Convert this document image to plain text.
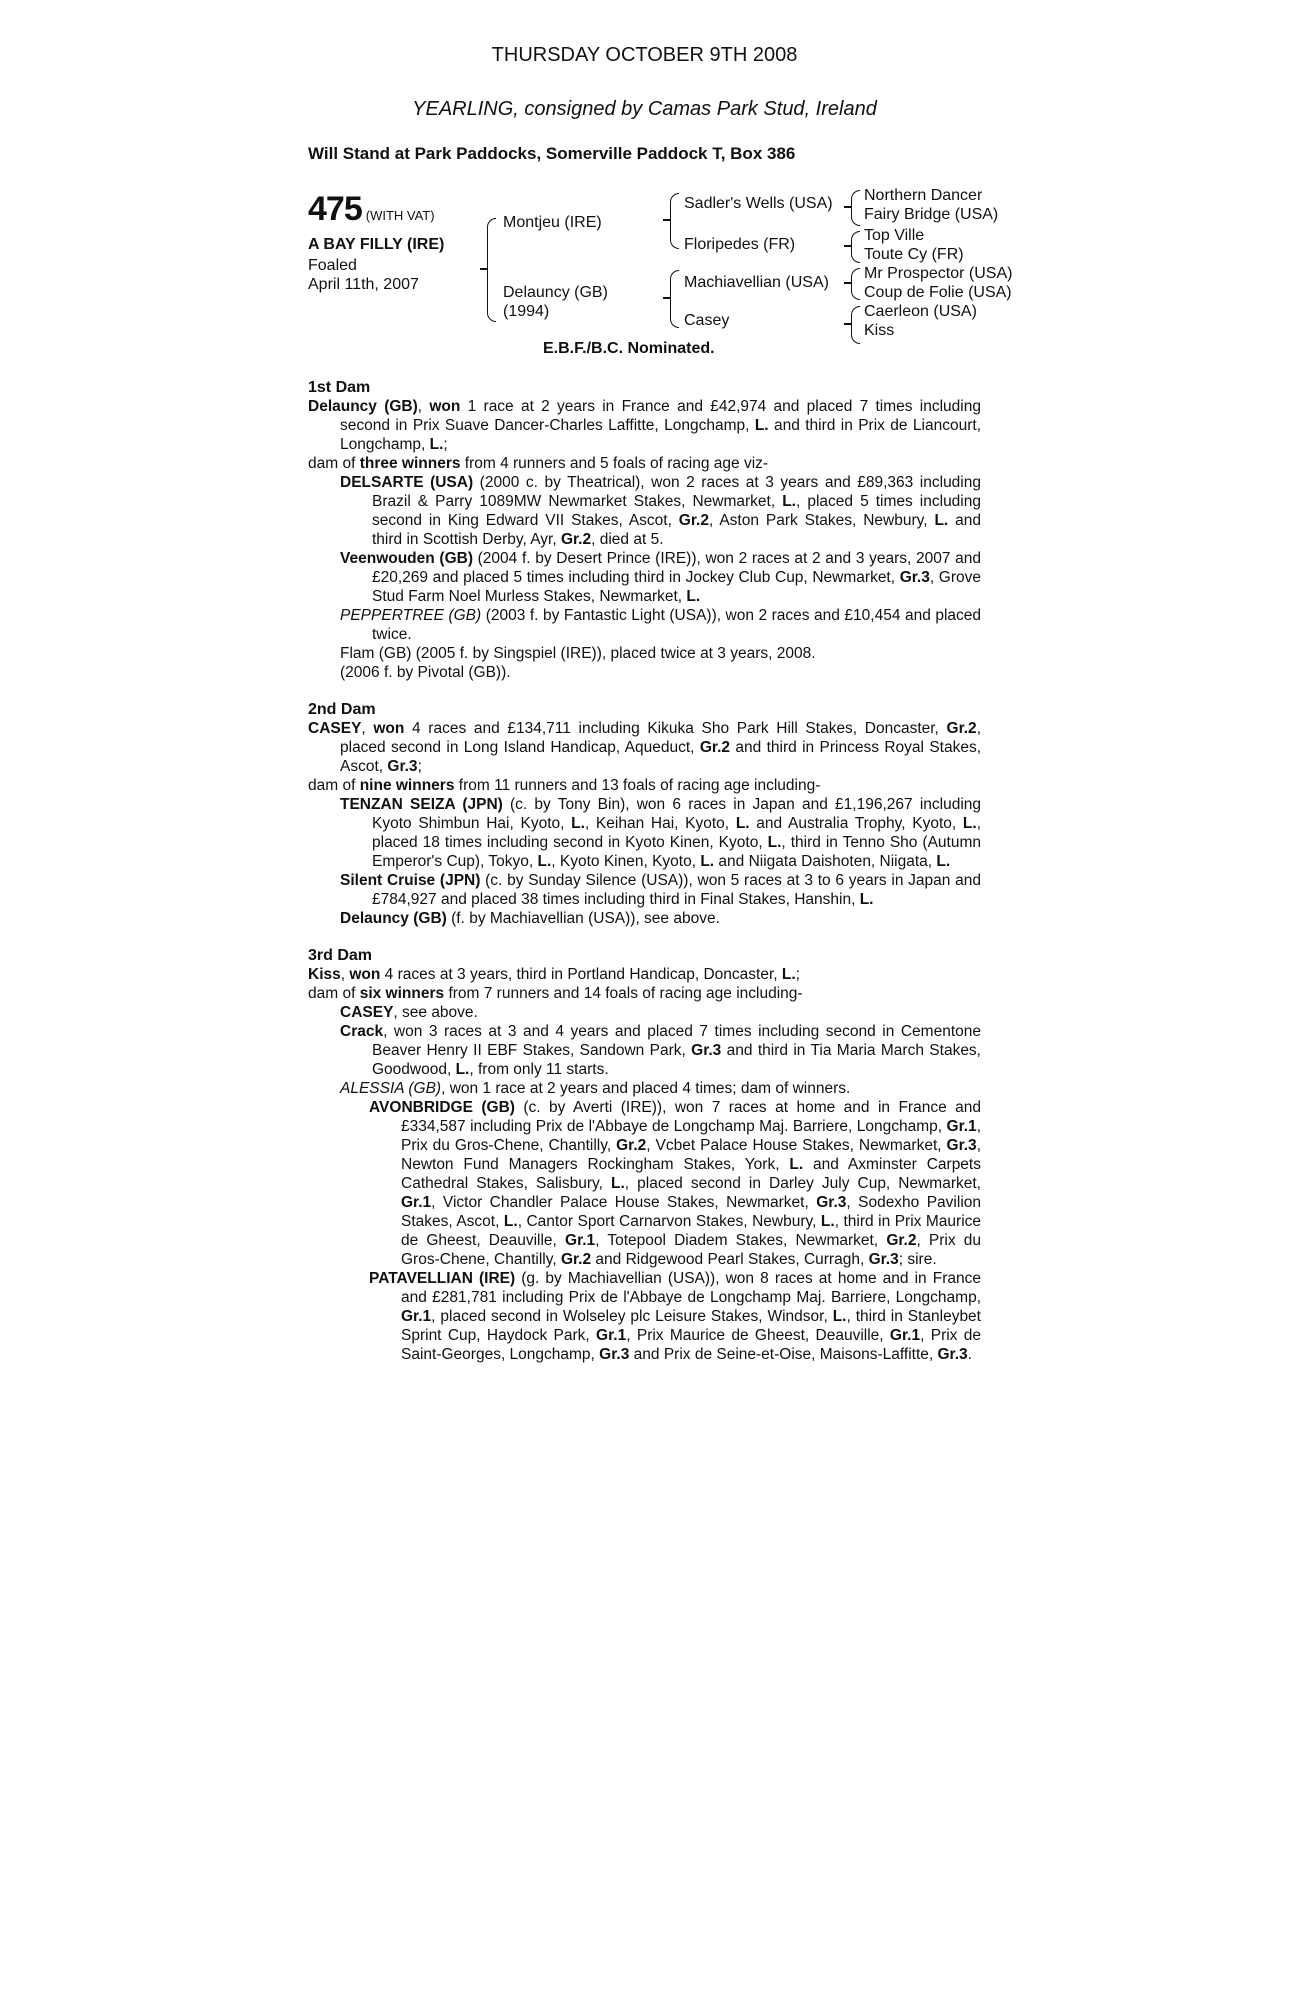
THURSDAY OCTOBER 9TH 2008
YEARLING, consigned by Camas Park Stud, Ireland
Will Stand at Park Paddocks, Somerville Paddock T, Box 386
475 (WITH VAT)
A BAY FILLY (IRE)
Foaled
April 11th, 2007
Montjeu (IRE)
Delauncy (GB)
(1994)
Sadler's Wells (USA)
Floripedes (FR)
Machiavellian (USA)
Casey
Northern Dancer
Fairy Bridge (USA)
Top Ville
Toute Cy (FR)
Mr Prospector (USA)
Coup de Folie (USA)
Caerleon (USA)
Kiss
E.B.F./B.C. Nominated.
1st Dam
Delauncy (GB), won 1 race at 2 years in France and £42,974 and placed 7 times including second in Prix Suave Dancer-Charles Laffitte, Longchamp, L. and third in Prix de Liancourt, Longchamp, L.;
dam of three winners from 4 runners and 5 foals of racing age viz-
DELSARTE (USA) (2000 c. by Theatrical), won 2 races at 3 years and £89,363 including Brazil & Parry 1089MW Newmarket Stakes, Newmarket, L., placed 5 times including second in King Edward VII Stakes, Ascot, Gr.2, Aston Park Stakes, Newbury, L. and third in Scottish Derby, Ayr, Gr.2, died at 5.
Veenwouden (GB) (2004 f. by Desert Prince (IRE)), won 2 races at 2 and 3 years, 2007 and £20,269 and placed 5 times including third in Jockey Club Cup, Newmarket, Gr.3, Grove Stud Farm Noel Murless Stakes, Newmarket, L.
PEPPERTREE (GB) (2003 f. by Fantastic Light (USA)), won 2 races and £10,454 and placed twice.
Flam (GB) (2005 f. by Singspiel (IRE)), placed twice at 3 years, 2008.
(2006 f. by Pivotal (GB)).
2nd Dam
CASEY, won 4 races and £134,711 including Kikuka Sho Park Hill Stakes, Doncaster, Gr.2, placed second in Long Island Handicap, Aqueduct, Gr.2 and third in Princess Royal Stakes, Ascot, Gr.3;
dam of nine winners from 11 runners and 13 foals of racing age including-
TENZAN SEIZA (JPN) (c. by Tony Bin), won 6 races in Japan and £1,196,267 including Kyoto Shimbun Hai, Kyoto, L., Keihan Hai, Kyoto, L. and Australia Trophy, Kyoto, L., placed 18 times including second in Kyoto Kinen, Kyoto, L., third in Tenno Sho (Autumn Emperor's Cup), Tokyo, L., Kyoto Kinen, Kyoto, L. and Niigata Daishoten, Niigata, L.
Silent Cruise (JPN) (c. by Sunday Silence (USA)), won 5 races at 3 to 6 years in Japan and £784,927 and placed 38 times including third in Final Stakes, Hanshin, L.
Delauncy (GB) (f. by Machiavellian (USA)), see above.
3rd Dam
Kiss, won 4 races at 3 years, third in Portland Handicap, Doncaster, L.;
dam of six winners from 7 runners and 14 foals of racing age including-
CASEY, see above.
Crack, won 3 races at 3 and 4 years and placed 7 times including second in Cementone Beaver Henry II EBF Stakes, Sandown Park, Gr.3 and third in Tia Maria March Stakes, Goodwood, L., from only 11 starts.
ALESSIA (GB), won 1 race at 2 years and placed 4 times; dam of winners.
AVONBRIDGE (GB) (c. by Averti (IRE)), won 7 races at home and in France and £334,587 including Prix de l'Abbaye de Longchamp Maj. Barriere, Longchamp, Gr.1, Prix du Gros-Chene, Chantilly, Gr.2, Vcbet Palace House Stakes, Newmarket, Gr.3, Newton Fund Managers Rockingham Stakes, York, L. and Axminster Carpets Cathedral Stakes, Salisbury, L., placed second in Darley July Cup, Newmarket, Gr.1, Victor Chandler Palace House Stakes, Newmarket, Gr.3, Sodexho Pavilion Stakes, Ascot, L., Cantor Sport Carnarvon Stakes, Newbury, L., third in Prix Maurice de Gheest, Deauville, Gr.1, Totepool Diadem Stakes, Newmarket, Gr.2, Prix du Gros-Chene, Chantilly, Gr.2 and Ridgewood Pearl Stakes, Curragh, Gr.3; sire.
PATAVELLIAN (IRE) (g. by Machiavellian (USA)), won 8 races at home and in France and £281,781 including Prix de l'Abbaye de Longchamp Maj. Barriere, Longchamp, Gr.1, placed second in Wolseley plc Leisure Stakes, Windsor, L., third in Stanleybet Sprint Cup, Haydock Park, Gr.1, Prix Maurice de Gheest, Deauville, Gr.1, Prix de Saint-Georges, Longchamp, Gr.3 and Prix de Seine-et-Oise, Maisons-Laffitte, Gr.3.
